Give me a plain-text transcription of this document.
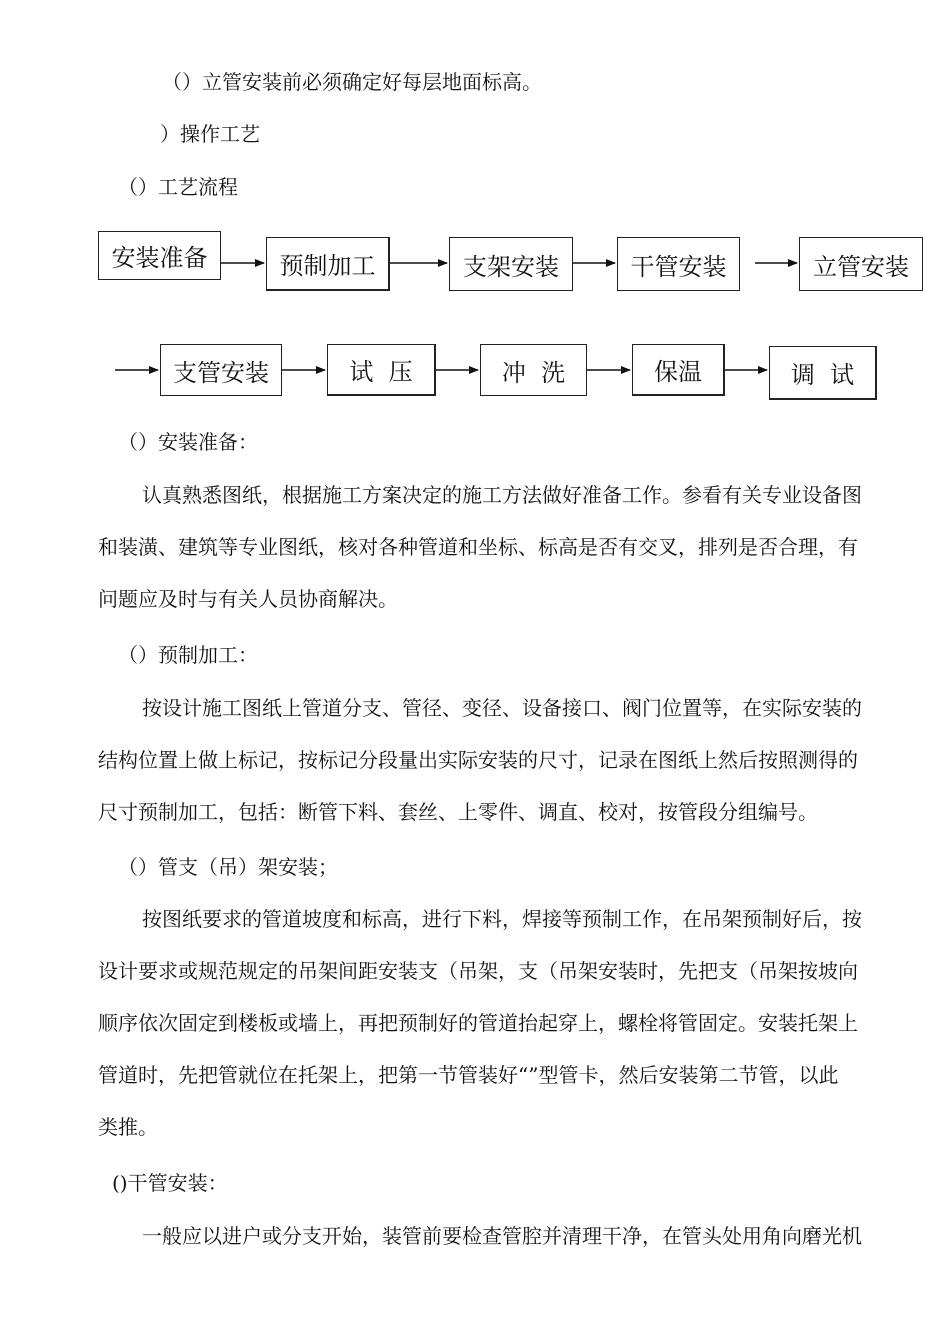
（）立管安装前必须确定好每层地面标高。
）操作工艺
（）工艺流程
安装准备	预制加工	支架安装	干管安装	立管安装
支管安装	试  压	冲  洗	保温	调  试
（）安装准备：
认真熟悉图纸，根据施工方案决定的施工方法做好准备工作。参看有关专业设备图
和装潢、建筑等专业图纸，核对各种管道和坐标、标高是否有交叉，排列是否合理，有
问题应及时与有关人员协商解决。
（）预制加工：
按设计施工图纸上管道分支、管径、变径、设备接口、阀门位置等，在实际安装的
结构位置上做上标记，按标记分段量出实际安装的尺寸，记录在图纸上然后按照测得的
尺寸预制加工，包括：断管下料、套丝、上零件、调直、校对，按管段分组编号。
（）管支（吊）架安装；
按图纸要求的管道坡度和标高，进行下料，焊接等预制工作，在吊架预制好后，按
设计要求或规范规定的吊架间距安装支（吊架，支（吊架安装时，先把支（吊架按坡向
顺序依次固定到楼板或墙上，再把预制好的管道抬起穿上，螺栓将管固定。安装托架上
管道时，先把管就位在托架上，把第一节管装好“”型管卡，然后安装第二节管，以此
类推。
()干管安装：
一般应以进户或分支开始，装管前要检查管腔并清理干净，在管头处用角向磨光机
